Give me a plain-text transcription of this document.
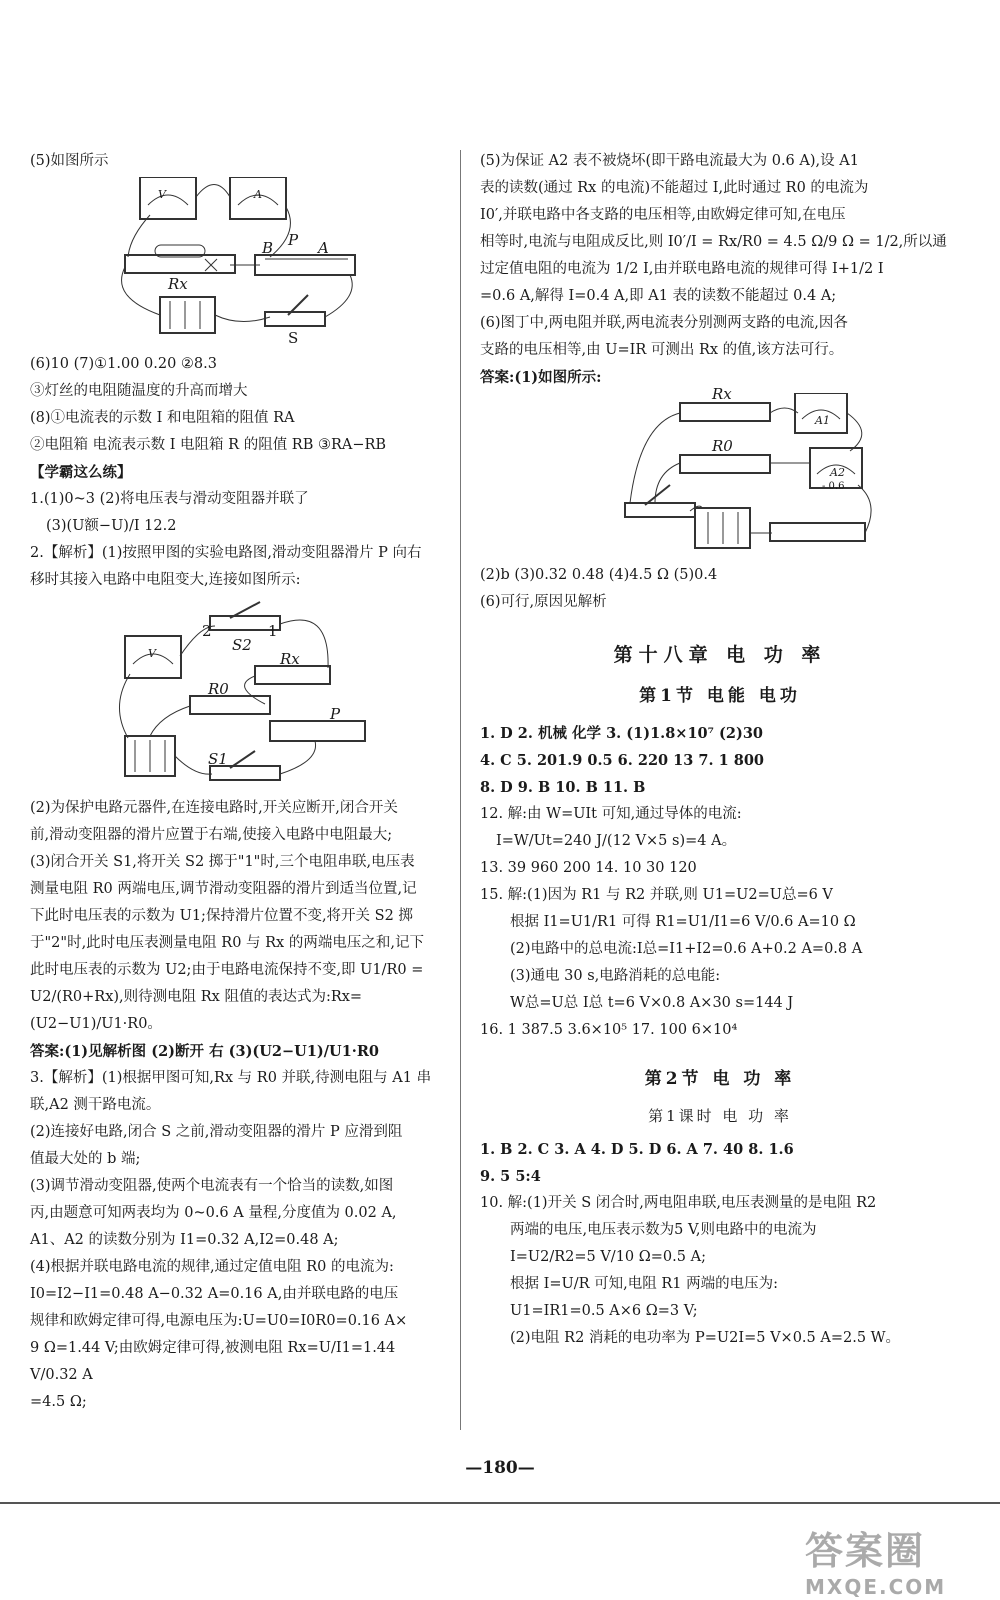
(5)如图所示
V	A
Rx
B P A
S
(6)10 (7)①1.00 0.20 ②8.3
③灯丝的电阻随温度的升高而增大
(8)①电流表的示数 I 和电阻箱的阻值 RA
②电阻箱 电流表示数 I 电阻箱 R 的阻值 RB ③RA−RB
【学霸这么练】
1.(1)0~3 (2)将电压表与滑动变阻器并联了
(3)(U额−U)/I 12.2
2.【解析】(1)按照甲图的实验电路图,滑动变阻器滑片 P 向右
移时其接入电路中电阻变大,连接如图所示:
2	1
S2
Rx
R0
P
S1
V
(2)为保护电路元器件,在连接电路时,开关应断开,闭合开关
前,滑动变阻器的滑片应置于右端,使接入电路中电阻最大;
(3)闭合开关 S1,将开关 S2 掷于"1"时,三个电阻串联,电压表
测量电阻 R0 两端电压,调节滑动变阻器的滑片到适当位置,记
下此时电压表的示数为 U1;保持滑片位置不变,将开关 S2 掷
于"2"时,此时电压表测量电阻 R0 与 Rx 的两端电压之和,记下
此时电压表的示数为 U2;由于电路电流保持不变,即 U1/R0 =
U2/(R0+Rx),则待测电阻 Rx 阻值的表达式为:Rx=(U2−U1)/U1·R0。
答案:(1)见解析图 (2)断开 右 (3)(U2−U1)/U1·R0
3.【解析】(1)根据甲图可知,Rx 与 R0 并联,待测电阻与 A1 串
联,A2 测干路电流。
(2)连接好电路,闭合 S 之前,滑动变阻器的滑片 P 应滑到阻
值最大处的 b 端;
(3)调节滑动变阻器,使两个电流表有一个恰当的读数,如图
丙,由题意可知两表均为 0~0.6 A 量程,分度值为 0.02 A,
A1、A2 的读数分别为 I1=0.32 A,I2=0.48 A;
(4)根据并联电路电流的规律,通过定值电阻 R0 的电流为:
I0=I2−I1=0.48 A−0.32 A=0.16 A,由并联电路的电压
规律和欧姆定律可得,电源电压为:U=U0=I0R0=0.16 A×
9 Ω=1.44 V;由欧姆定律可得,被测电阻 Rx=U/I1=1.44 V/0.32 A
=4.5 Ω;
(5)为保证 A2 表不被烧坏(即干路电流最大为 0.6 A),设 A1
表的读数(通过 Rx 的电流)不能超过 I,此时通过 R0 的电流为
I0′,并联电路中各支路的电压相等,由欧姆定律可知,在电压
相等时,电流与电阻成反比,则 I0′/I = Rx/R0 = 4.5 Ω/9 Ω = 1/2,所以通
过定值电阻的电流为 1/2 I,由并联电路电流的规律可得 I+1/2 I
=0.6 A,解得 I=0.4 A,即 A1 表的读数不能超过 0.4 A;
(6)图丁中,两电阻并联,两电流表分别测两支路的电流,因各
支路的电压相等,由 U=IR 可测出 Rx 的值,该方法可行。
答案:(1)如图所示:
Rx
R0
A1
A2
- 0.6
(2)b (3)0.32 0.48 (4)4.5 Ω (5)0.4
(6)可行,原因见解析
第十八章 电 功 率
第1节 电能 电功
1. D 2. 机械 化学 3. (1)1.8×10⁷ (2)30
4. C 5. 201.9 0.5 6. 220 13 7. 1 800
8. D 9. B 10. B 11. B
12. 解:由 W=UIt 可知,通过导体的电流:
I=W/Ut=240 J/(12 V×5 s)=4 A。
13. 39 960 200 14. 10 30 120
15. 解:(1)因为 R1 与 R2 并联,则 U1=U2=U总=6 V
根据 I1=U1/R1 可得 R1=U1/I1=6 V/0.6 A=10 Ω
(2)电路中的总电流:I总=I1+I2=0.6 A+0.2 A=0.8 A
(3)通电 30 s,电路消耗的总电能:
W总=U总 I总 t=6 V×0.8 A×30 s=144 J
16. 1 387.5 3.6×10⁵ 17. 100 6×10⁴
第2节 电 功 率
第1课时 电 功 率
1. B 2. C 3. A 4. D 5. D 6. A 7. 40 8. 1.6
9. 5 5:4
10. 解:(1)开关 S 闭合时,两电阻串联,电压表测量的是电阻 R2
两端的电压,电压表示数为5 V,则电路中的电流为
I=U2/R2=5 V/10 Ω=0.5 A;
根据 I=U/R 可知,电阻 R1 两端的电压为:
U1=IR1=0.5 A×6 Ω=3 V;
(2)电阻 R2 消耗的电功率为 P=U2I=5 V×0.5 A=2.5 W。
—180—
答案圈
MXQE.COM
